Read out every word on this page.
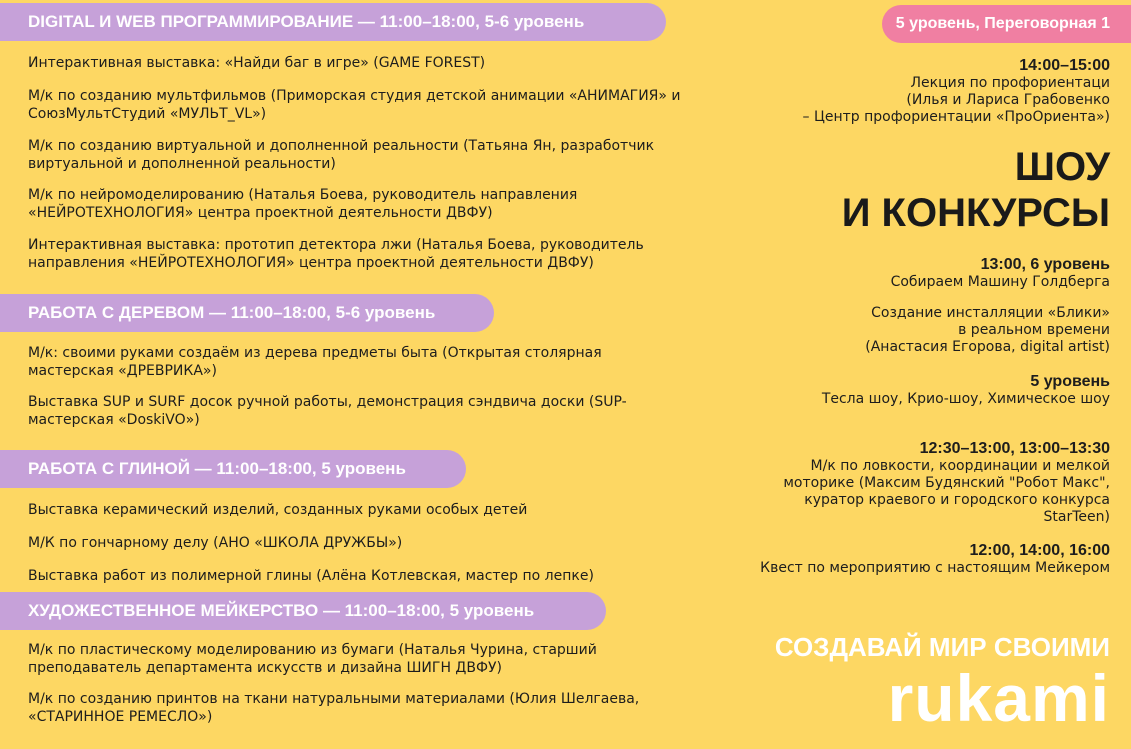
DIGITAL И WEB ПРОГРАММИРОВАНИЕ — 11:00–18:00, 5-6 уровень

Интерактивная выставка: «Найди баг в игре» (GAME FOREST)

М/к по созданию мультфильмов (Приморская студия детской анимации «АНИМАГИЯ» и СоюзМультСтудий «МУЛЬТ_VL»)

М/к по созданию виртуальной и дополненной реальности (Татьяна Ян, разработчик виртуальной и дополненной реальности)

М/к по нейромоделированию (Наталья Боева, руководитель направления «НЕЙРОТЕХНОЛОГИЯ» центра проектной деятельности ДВФУ)

Интерактивная выставка: прототип детектора лжи (Наталья Боева, руководитель направления «НЕЙРОТЕХНОЛОГИЯ» центра проектной деятельности ДВФУ)

РАБОТА С ДЕРЕВОМ — 11:00–18:00, 5-6 уровень

М/к: своими руками создаём из дерева предметы быта (Открытая столярная мастерская «ДРЕВРИКА»)

Выставка SUP и SURF досок ручной работы, демонстрация сэндвича доски (SUP-мастерская «DoskiVO»)

РАБОТА С ГЛИНОЙ — 11:00–18:00, 5 уровень

Выставка керамический изделий, созданных руками особых детей

М/К по гончарному делу (АНО «ШКОЛА ДРУЖБЫ»)

Выставка работ из полимерной глины (Алёна Котлевская, мастер по лепке)

ХУДОЖЕСТВЕННОЕ МЕЙКЕРСТВО — 11:00–18:00, 5 уровень

М/к по пластическому моделированию из бумаги (Наталья Чурина, старший преподаватель департамента искусств и дизайна ШИГН ДВФУ)

М/к по созданию принтов на ткани натуральными материалами (Юлия Шелгаева, «СТАРИННОЕ РЕМЕСЛО»)

5 уровень, Переговорная 1
14:00–15:00
Лекция по профориентаци
(Илья и Лариса Грабовенко
– Центр профориентации «ПроОриента»)
ШОУ
И КОНКУРСЫ
13:00, 6 уровень
Собираем Машину Голдберга
Создание инсталляции «Блики»
в реальном времени
(Анастасия Егорова, digital artist)
5 уровень
Тесла шоу, Крио-шоу, Химическое шоу
12:30–13:00, 13:00–13:30
М/к по ловкости, координации и мелкой
моторике (Максим Будянский "Робот Макс",
куратор краевого и городского конкурса
StarTeen)
12:00, 14:00, 16:00
Квест по мероприятию с настоящим Мейкером
СОЗДАВАЙ МИР СВОИМИ
rukami
